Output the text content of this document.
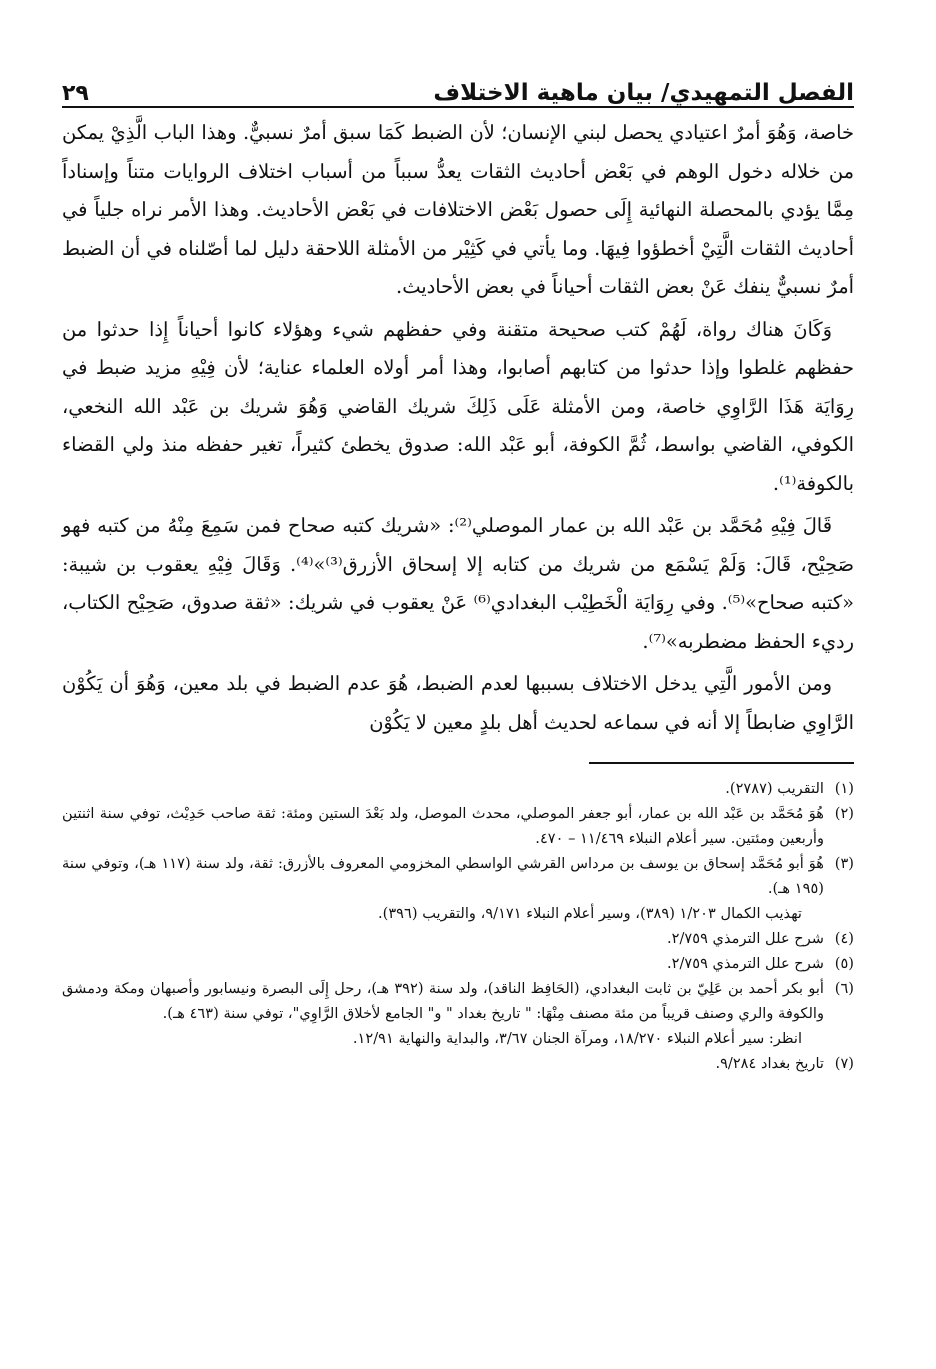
الفصل التمهيدي/ بيان ماهية الاختلاف
٢٩

خاصة، وَهُوَ أمرٌ اعتيادي يحصل لبني الإنسان؛ لأن الضبط كَمَا سبق أمرٌ نسبيٌّ. وهذا الباب الَّذِيْ يمكن من خلاله دخول الوهم في بَعْض أحاديث الثقات يعدُّ سبباً من أسباب اختلاف الروايات متناً وإسناداً مِمَّا يؤدي بالمحصلة النهائية إِلَى حصول بَعْض الاختلافات في بَعْض الأحاديث. وهذا الأمر نراه جلياً في أحاديث الثقات الَّتِيْ أخطؤوا فِيهَا. وما يأتي في كَثِيْر من الأمثلة اللاحقة دليل لما أصّلناه في أن الضبط أمرٌ نسبيٌّ ينفك عَنْ بعض الثقات أحياناً في بعض الأحاديث.

وَكَانَ هناك رواة، لَهُمْ كتب صحيحة متقنة وفي حفظهم شيء وهؤلاء كانوا أحياناً إِذا حدثوا من حفظهم غلطوا وإذا حدثوا من كتابهم أصابوا، وهذا أمر أولاه العلماء عناية؛ لأن فِيْهِ مزيد ضبط في رِوَايَة هَذَا الرَّاوِي خاصة، ومن الأمثلة عَلَى ذَلِكَ شريك القاضي وَهُوَ شريك بن عَبْد الله النخعي، الكوفي، القاضي بواسط، ثُمَّ الكوفة، أبو عَبْد الله: صدوق يخطئ كثيراً، تغير حفظه منذ ولي القضاء بالكوفة⁽¹⁾.

قَالَ فِيْهِ مُحَمَّد بن عَبْد الله بن عمار الموصلي⁽²⁾: «شريك كتبه صحاح فمن سَمِعَ مِنْهُ من كتبه فهو صَحِيْح، قَالَ: وَلَمْ يَسْمَع من شريك من كتابه إلا إسحاق الأزرق⁽³⁾»⁽⁴⁾. وَقَالَ فِيْهِ يعقوب بن شيبة: «كتبه صحاح»⁽⁵⁾. وفي رِوَايَة الْخَطِيْب البغدادي⁽⁶⁾ عَنْ يعقوب في شريك: «ثقة صدوق، صَحِيْح الكتاب، رديء الحفظ مضطربه»⁽⁷⁾.

ومن الأمور الَّتِي يدخل الاختلاف بسببها لعدم الضبط، هُوَ عدم الضبط في بلد معين، وَهُوَ أن يَكُوْن الرَّاوِي ضابطاً إلا أنه في سماعه لحديث أهل بلدٍ معين لا يَكُوْن

(١)
التقريب (٢٧٨٧).
(٢)
هُوَ مُحَمَّد بن عَبْد الله بن عمار، أبو جعفر الموصلي، محدث الموصل، ولد بَعْدَ الستين ومئة: ثقة صاحب حَدِيْث، توفي سنة اثنتين وأربعين ومئتين. سير أعلام النبلاء ١١/٤٦٩ – ٤٧٠.
(٣)
هُوَ أبو مُحَمَّد إسحاق بن يوسف بن مرداس القرشي الواسطي المخزومي المعروف بالأزرق: ثقة، ولد سنة (١١٧ هـ)، وتوفي سنة (١٩٥ هـ).
تهذيب الكمال ١/٢٠٣ (٣٨٩)، وسير أعلام النبلاء ٩/١٧١، والتقريب (٣٩٦).
(٤)
شرح علل الترمذي ٢/٧٥٩.
(٥)
شرح علل الترمذي ٢/٧٥٩.
(٦)
أبو بكر أحمد بن عَلِيّ بن ثابت البغدادي، (الحَافِظ الناقد)، ولد سنة (٣٩٢ هـ)، رحل إِلَى البصرة ونيسابور وأصبهان ومكة ودمشق والكوفة والري وصنف قريباً من مئة مصنف مِنْهَا: " تاريخ بغداد " و" الجامع لأخلاق الرَّاوِي"، توفي سنة (٤٦٣ هـ).
انظر: سير أعلام النبلاء ١٨/٢٧٠، ومرآة الجنان ٣/٦٧، والبداية والنهاية ١٢/٩١.
(٧)
تاريخ بغداد ٩/٢٨٤.
